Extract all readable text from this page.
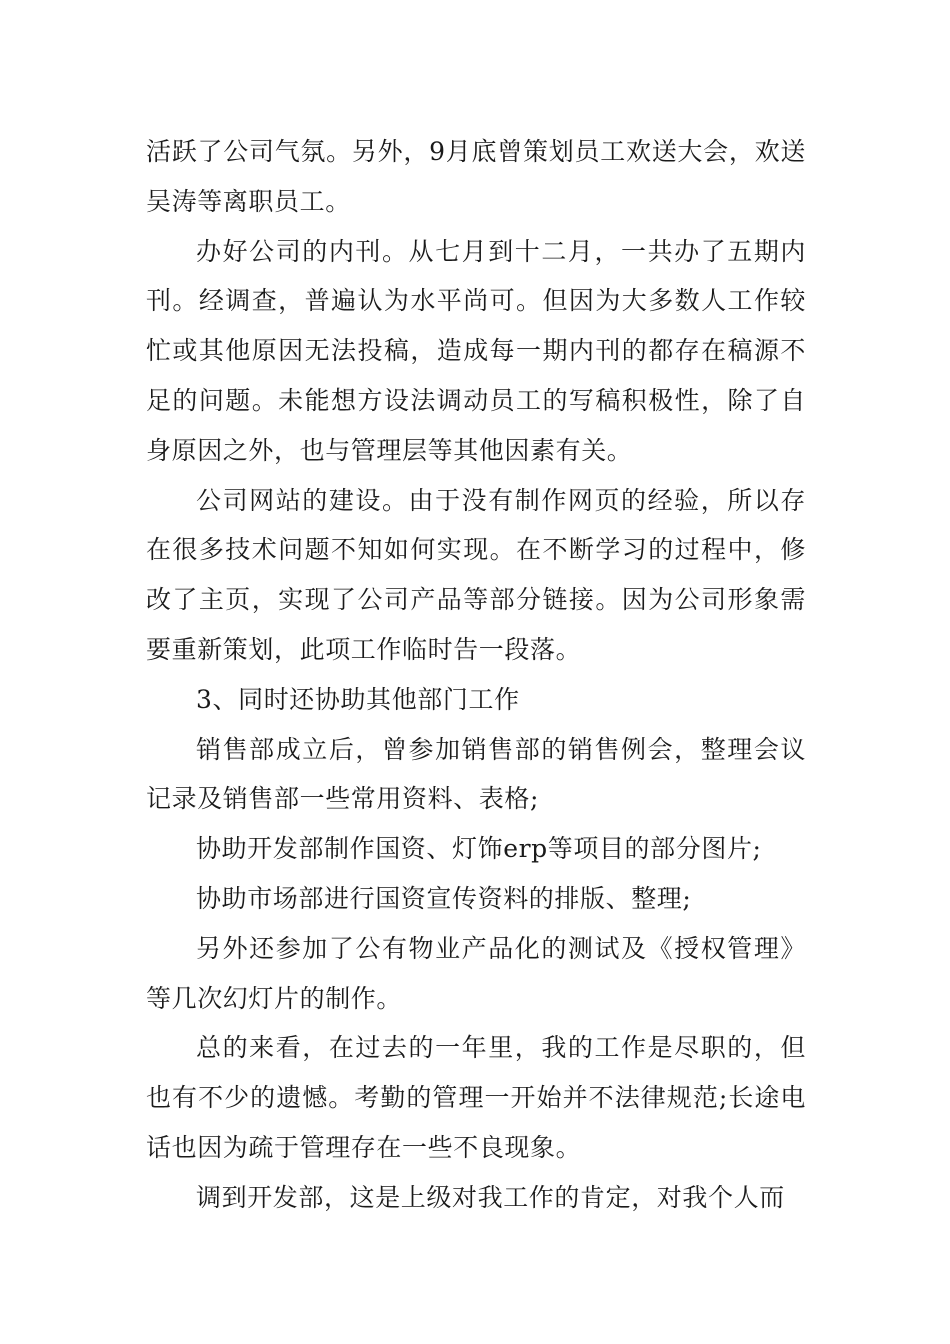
活跃了公司气氛。另外，9月底曾策划员工欢送大会，欢送吴涛等离职员工。

办好公司的内刊。从七月到十二月，一共办了五期内刊。经调查，普遍认为水平尚可。但因为大多数人工作较忙或其他原因无法投稿，造成每一期内刊的都存在稿源不足的问题。未能想方设法调动员工的写稿积极性，除了自身原因之外，也与管理层等其他因素有关。

公司网站的建设。由于没有制作网页的经验，所以存在很多技术问题不知如何实现。在不断学习的过程中，修改了主页，实现了公司产品等部分链接。因为公司形象需要重新策划，此项工作临时告一段落。

3、同时还协助其他部门工作

销售部成立后，曾参加销售部的销售例会，整理会议记录及销售部一些常用资料、表格;

协助开发部制作国资、灯饰erp等项目的部分图片;

协助市场部进行国资宣传资料的排版、整理;

另外还参加了公有物业产品化的测试及《授权管理》等几次幻灯片的制作。

总的来看，在过去的一年里，我的工作是尽职的，但也有不少的遗憾。考勤的管理一开始并不法律规范;长途电话也因为疏于管理存在一些不良现象。

调到开发部，这是上级对我工作的肯定，对我个人而
